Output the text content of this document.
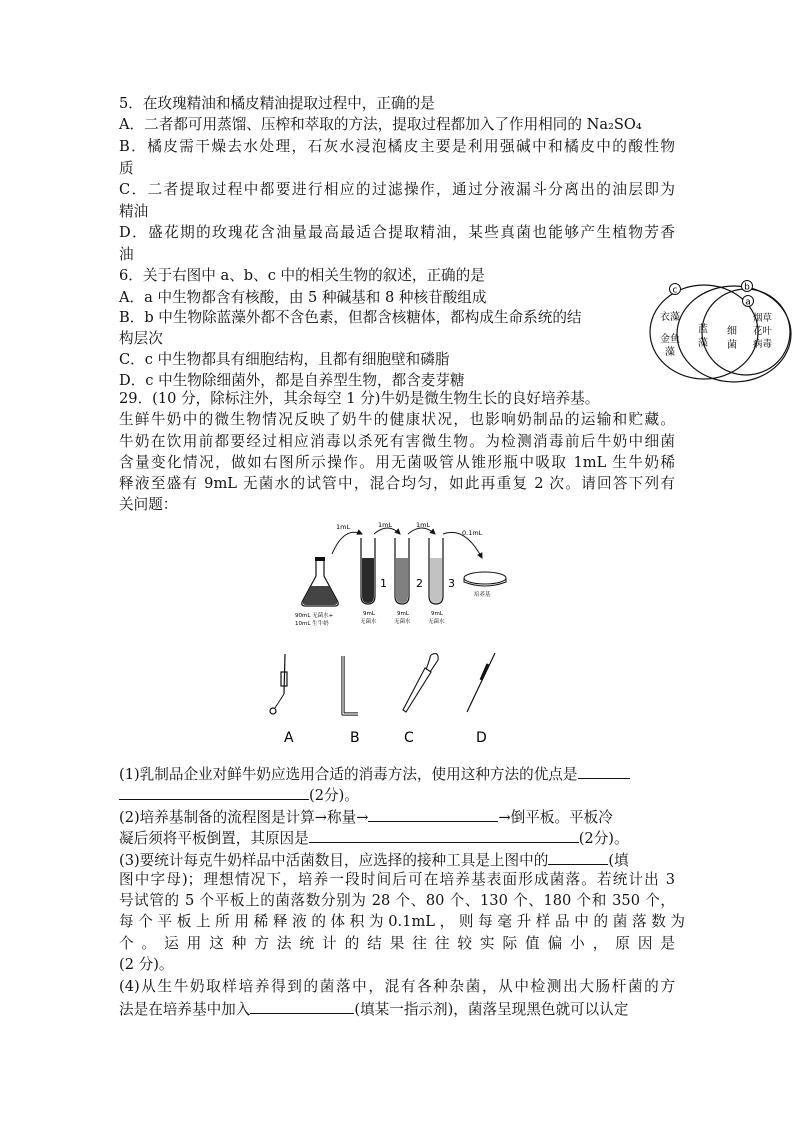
5．在玫瑰精油和橘皮精油提取过程中，正确的是
A．二者都可用蒸馏、压榨和萃取的方法，提取过程都加入了作用相同的 Na₂SO₄
B．橘皮需干燥去水处理，石灰水浸泡橘皮主要是利用强碱中和橘皮中的酸性物
质
C．二者提取过程中都要进行相应的过滤操作，通过分液漏斗分离出的油层即为
精油
D．盛花期的玫瑰花含油量最高最适合提取精油，某些真菌也能够产生植物芳香
油
6．关于右图中 a、b、c 中的相关生物的叙述，正确的是
A．a 中生物都含有核酸，由 5 种碱基和 8 种核苷酸组成
B．b 中生物除蓝藻外都不含色素，但都含核糖体，都构成生命系统的结
构层次
C．c 中生物都具有细胞结构，且都有细胞壁和磷脂
D．c 中生物除细菌外，都是自养型生物，都含麦芽糖
c	b
a
衣藻
金鱼
藻
蓝
藻
细
菌
烟草
花叶
病毒
29．(10 分，除标注外，其余每空 1 分)牛奶是微生物生长的良好培养基。
生鲜牛奶中的微生物情况反映了奶牛的健康状况，也影响奶制品的运输和贮藏。
牛奶在饮用前都要经过相应消毒以杀死有害微生物。为检测消毒前后牛奶中细菌
含量变化情况，做如右图所示操作。用无菌吸管从锥形瓶中吸取 1mL 生牛奶稀
释液至盛有 9mL 无菌水的试管中，混合均匀，如此再重复 2 次。请回答下列有
关问题：
1mL	1mL	1mL
0.1mL
90mL 无菌水+
10mL 生牛奶
1	2 3
9mL
无菌水
9mL
无菌水
9mL
无菌水
培养基
A	B	C	D
(1)乳制品企业对鲜牛奶应选用合适的消毒方法，使用这种方法的优点是
(2分)。
(2)培养基制备的流程图是计算→称量→	→倒平板。平板冷
凝后须将平板倒置，其原因是	(2分)。
(3)要统计每克牛奶样品中活菌数目，应选择的接种工具是上图中的	(填
图中字母)；理想情况下，培养一段时间后可在培养基表面形成菌落。若统计出 3
号试管的 5 个平板上的菌落数分别为 28 个、80 个、130 个、180 个和 350 个，
每 个 平 板 上 所 用 稀 释 液 的 体 积 为 0.1mL ， 则 每 毫 升 样 品 中 的 菌 落 数 为
个 。 运 用 这 种 方 法 统 计 的 结 果 往 往 较 实 际 值 偏 小 ， 原 因 是
(2 分)。
(4)从生牛奶取样培养得到的菌落中，混有各种杂菌，从中检测出大肠杆菌的方
法是在培养基中加入	(填某一指示剂)，菌落呈现黑色就可以认定
